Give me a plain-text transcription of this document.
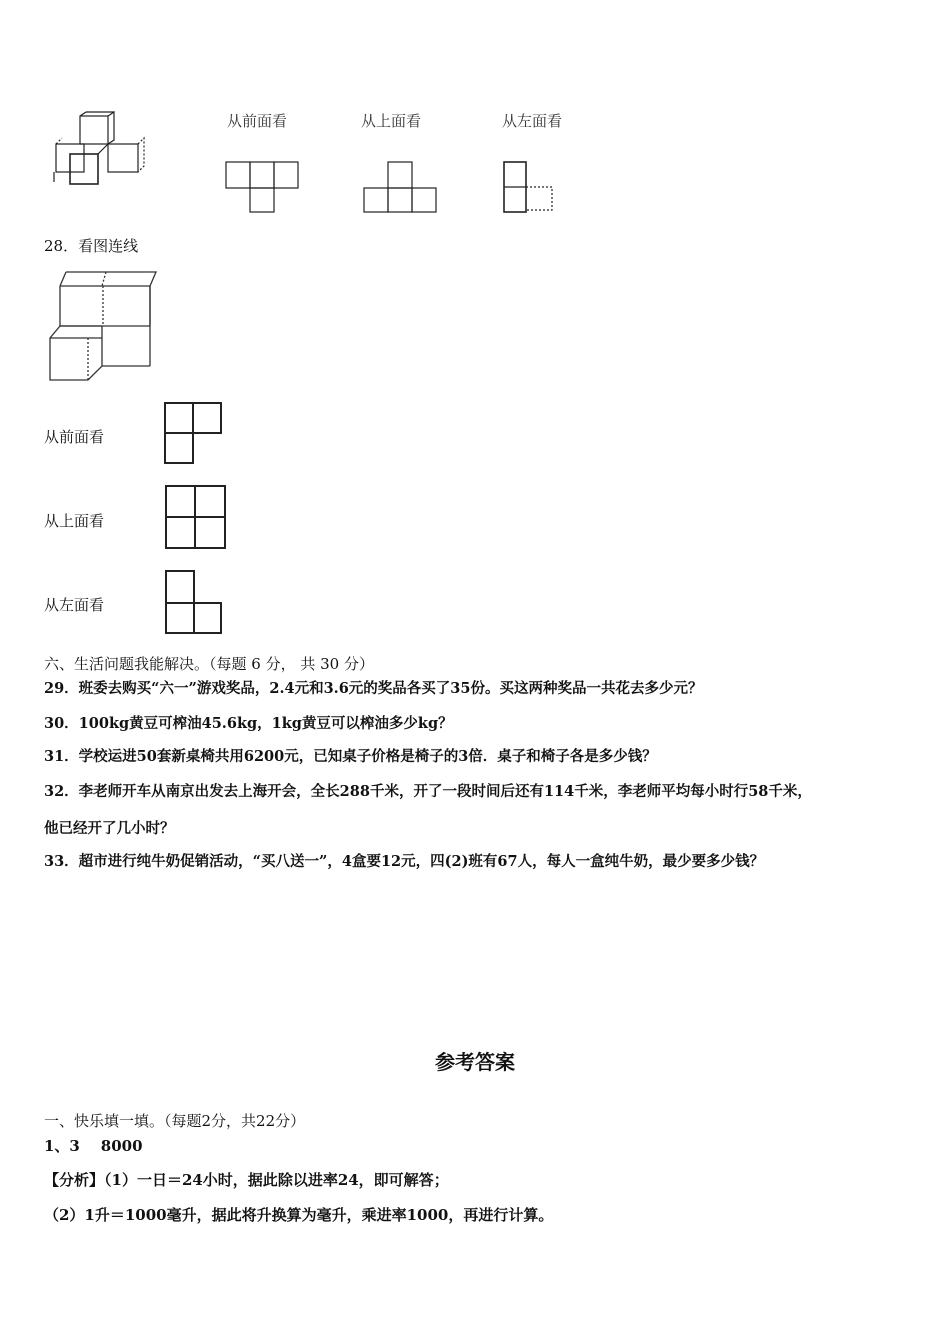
从前面看	从上面看	从左面看
28．看图连线
从前面看
从上面看
从左面看
六、生活问题我能解决。（每题 6 分， 共 30 分）
29．班委去购买“六一”游戏奖品，2.4元和3.6元的奖品各买了35份。买这两种奖品一共花去多少元？
30．100kg黄豆可榨油45.6kg，1kg黄豆可以榨油多少kg？
31．学校运进50套新桌椅共用6200元，已知桌子价格是椅子的3倍．桌子和椅子各是多少钱？
32．李老师开车从南京出发去上海开会，全长288千米，开了一段时间后还有114千米，李老师平均每小时行58千米，
他已经开了几小时？
33．超市进行纯牛奶促销活动，“买八送一”，4盒要12元，四(2)班有67人，每人一盒纯牛奶，最少要多少钱？
参考答案
一、快乐填一填。（每题2分，共22分）
1、3    8000
【分析】（1）一日＝24小时，据此除以进率24，即可解答；
（2）1升＝1000毫升，据此将升换算为毫升，乘进率1000，再进行计算。
